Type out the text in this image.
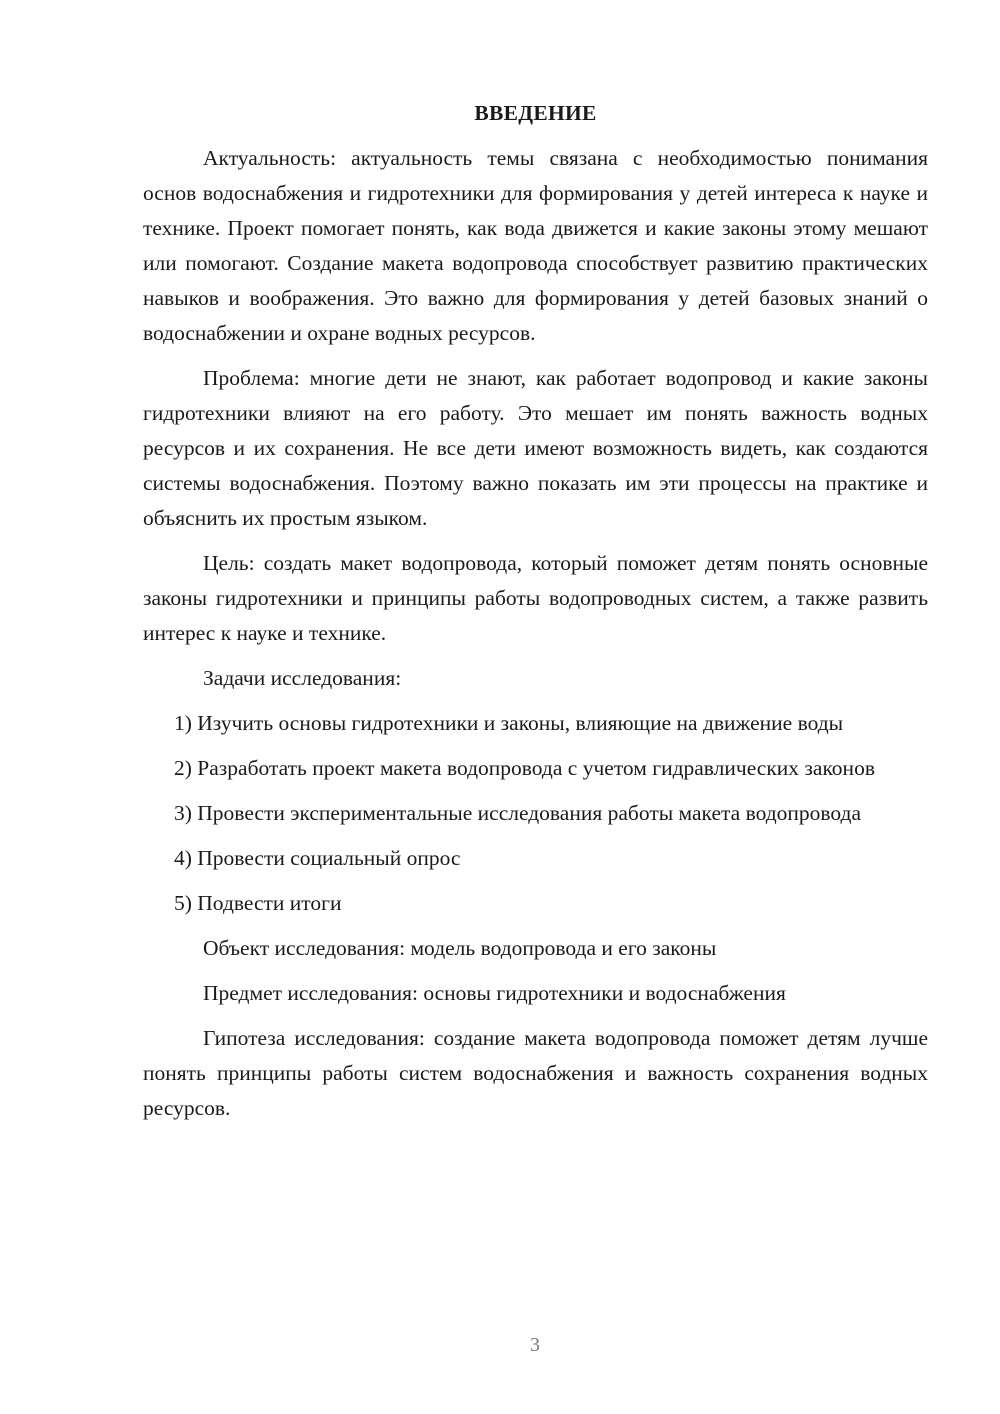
ВВЕДЕНИЕ

Актуальность: актуальность темы связана с необходимостью понимания основ водоснабжения и гидротехники для формирования у детей интереса к науке и технике. Проект помогает понять, как вода движется и какие законы этому мешают или помогают. Создание макета водопровода способствует развитию практических навыков и воображения. Это важно для формирования у детей базовых знаний о водоснабжении и охране водных ресурсов.

Проблема: многие дети не знают, как работает водопровод и какие законы гидротехники влияют на его работу. Это мешает им понять важность водных ресурсов и их сохранения. Не все дети имеют возможность видеть, как создаются системы водоснабжения. Поэтому важно показать им эти процессы на практике и объяснить их простым языком.

Цель: создать макет водопровода, который поможет детям понять основные законы гидротехники и принципы работы водопроводных систем, а также развить интерес к науке и технике.

Задачи исследования:

1) Изучить основы гидротехники и законы, влияющие на движение воды

2) Разработать проект макета водопровода с учетом гидравлических законов

3) Провести экспериментальные исследования работы макета водопровода

4) Провести социальный опрос

5) Подвести итоги

Объект исследования: модель водопровода и его законы

Предмет исследования: основы гидротехники и водоснабжения

Гипотеза исследования: создание макета водопровода поможет детям лучше понять принципы работы систем водоснабжения и важность сохранения водных ресурсов.

3
